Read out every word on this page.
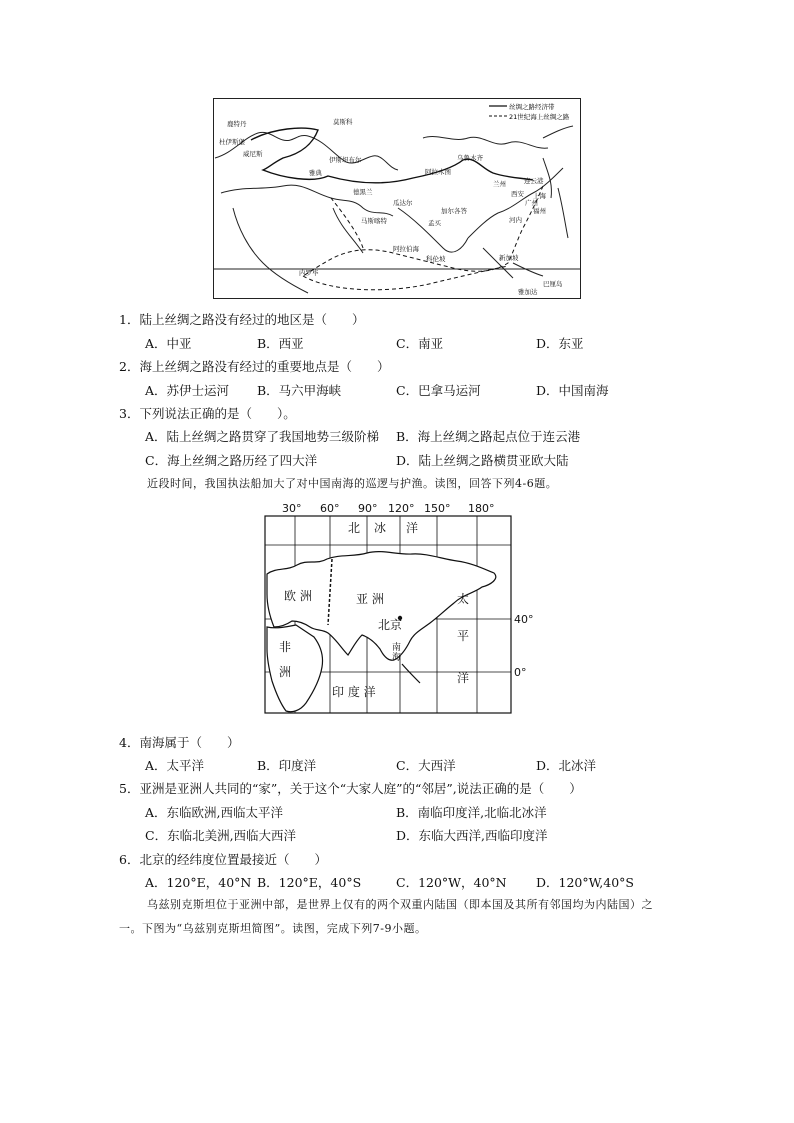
丝绸之路经济带
21世纪海上丝绸之路
莫斯科
鹿特丹
杜伊斯堡
威尼斯
雅典
伊斯坦布尔
德黑兰
乌鲁木齐
阿拉木图
兰州	连云港
西安 上海
福州
广州
河内
加尔各答
瓜达尔
孟买
科伦坡
马斯喀特
阿拉伯海
内罗毕
新加坡
雅加达
巴厘岛
1．陆上丝绸之路没有经过的地区是（　　）
A．中亚	B．西亚	C．南亚	D．东亚
2．海上丝绸之路没有经过的重要地点是（　　）
A．苏伊士运河 B．马六甲海峡	C．巴拿马运河	D．中国南海
3．下列说法正确的是（　　）。
A．陆上丝绸之路贯穿了我国地势三级阶梯 B．海上丝绸之路起点位于连云港
C．海上丝绸之路历经了四大洋	D．陆上丝绸之路横贯亚欧大陆
近段时间，我国执法船加大了对中国南海的巡逻与护渔。读图，回答下列4-6题。
30° 60° 90° 120° 150° 180°
40°
0°
北 冰 洋
欧 洲	亚 洲
北京
非
洲
太
平
洋
印 度 洋
南
海
4．南海属于（　　）
A．太平洋	B．印度洋	C．大西洋	D．北冰洋
5．亚洲是亚洲人共同的“家”，关于这个“大家人庭”的“邻居”,说法正确的是（　　）
A．东临欧洲,西临太平洋	B．南临印度洋,北临北冰洋
C．东临北美洲,西临大西洋	D．东临大西洋,西临印度洋
6．北京的经纬度位置最接近（　　）
A．120°E，40°N B．120°E，40°S	C．120°W，40°N D．120°W,40°S
乌兹别克斯坦位于亚洲中部，是世界上仅有的两个双重内陆国（即本国及其所有邻国均为内陆国）之
一。下图为“乌兹别克斯坦简图”。读图，完成下列7-9小题。
